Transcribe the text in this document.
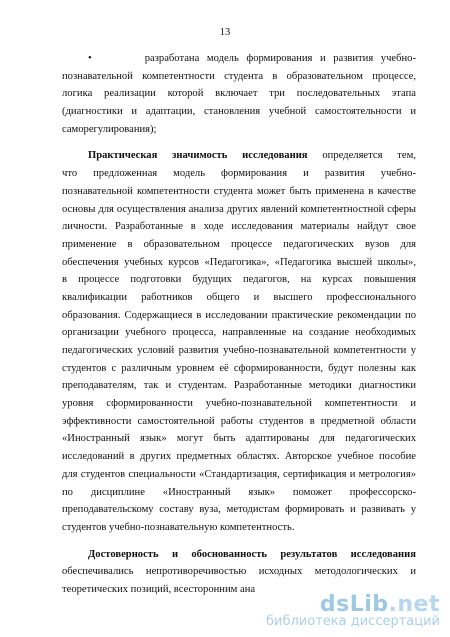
13
•	разработана модель формирования и развития учебно-
познавательной компетентности студента в образовательном процессе,
логика реализации которой включает три последовательных этапа
(диагностики и адаптации, становления учебной самостоятельности и
саморегулирования);
Практическая значимость исследования определяется тем,
что предложенная модель формирования и развития учебно-
познавательной компетентности студента может быть применена в качестве
основы для осуществления анализа других явлений компетентностной сферы
личности. Разработанные в ходе исследования материалы найдут свое
применение в образовательном процессе педагогических вузов для
обеспечения учебных курсов «Педагогика», «Педагогика высшей школы»,
в процессе подготовки будущих педагогов, на курсах повышения
квалификации работников общего и высшего профессионального
образования. Содержащиеся в исследовании практические рекомендации по
организации учебного процесса, направленные на создание необходимых
педагогических условий развития учебно-познавательной компетентности у
студентов с различным уровнем её сформированности, будут полезны как
преподавателям, так и студентам. Разработанные методики диагностики
уровня сформированности учебно-познавательной компетентности и
эффективности самостоятельной работы студентов в предметной области
«Иностранный язык» могут быть адаптированы для педагогических
исследований в других предметных областях. Авторское учебное пособие
для студентов специальности «Стандартизация, сертификация и метрология»
по дисциплине «Иностранный язык» поможет профессорско-
преподавательскому составу вуза, методистам формировать и развивать у
студентов учебно-познавательную компетентность.
Достоверность и обоснованность результатов исследования
обеспечивались непротиворечивостью исходных методологических и
теоретических позиций, всесторонним ана
dsLib.net
библиотека диссертаций
